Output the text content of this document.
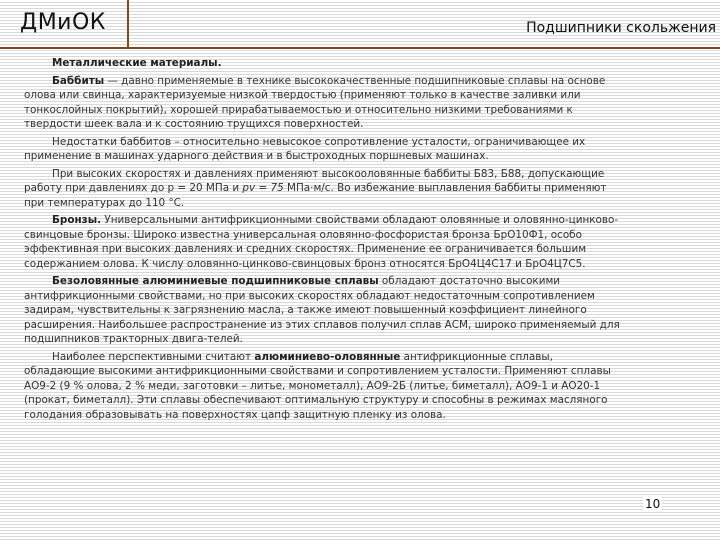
ДМиОК	Подшипники скольжения
Металлические материалы.
Баббиты — давно применяемые в технике высококачественные подшипниковые сплавы на основе
олова или свинца, характеризуемые низкой твердостью (применяют только в качестве заливки или
тонкослойных покрытий), хорошей прирабатываемостью и относительно низкими требованиями к
твердости шеек вала и к состоянию трущихся поверхностей.
Недостатки баббитов – относительно невысокое сопротивление усталости, ограничивающее их
применение в машинах ударного действия и в быстроходных поршневых машинах.
При высоких скоростях и давлениях применяют высокооловянные баббиты Б83, Б88, допускающие
работу при давлениях до p = 20 МПа и pv = 75 МПа·м/с. Во избежание выплавления баббиты применяют
при температурах до 110 °С.
Бронзы. Универсальными антифрикционными свойствами обладают оловянные и оловянно-цинково-
свинцовые бронзы. Широко известна универсальная оловянно-фосфористая бронза БрО10Ф1, особо
эффективная при высоких давлениях и средних скоростях. Применение ее ограничивается большим
содержанием олова. К числу оловянно-цинково-свинцовых бронз относятся БрО4Ц4С17 и БрО4Ц7С5.
Безоловянные алюминиевые подшипниковые сплавы обладают достаточно высокими
антифрикционными свойствами, но при высоких скоростях обладают недостаточным сопротивлением
задирам, чувствительны к загрязнению масла, а также имеют повышенный коэффициент линейного
расширения. Наибольшее распространение из этих сплавов получил сплав АСМ, широко применяемый для
подшипников тракторных двига-телей.
Наиболее перспективными считают алюминиево-оловянные антифрикционные сплавы,
обладающие высокими антифрикционными свойствами и сопротивлением усталости. Применяют сплавы
АО9-2 (9 % олова, 2 % меди, заготовки – литье, монометалл), АО9-2Б (литье, биметалл), АО9-1 и АО20-1
(прокат, биметалл). Эти сплавы обеспечивают оптимальную структуру и способны в режимах масляного
голодания образовывать на поверхностях цапф защитную пленку из олова.
10
